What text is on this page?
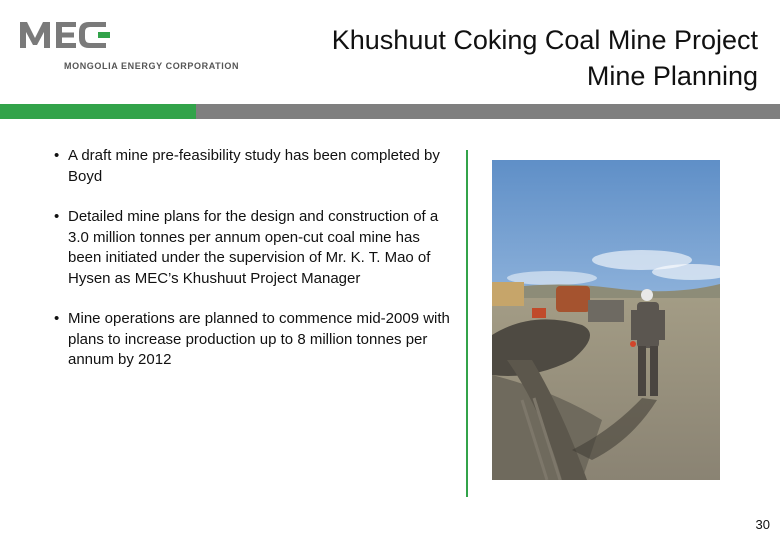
MONGOLIA ENERGY CORPORATION
Khushuut Coking Coal Mine Project
Mine Planning
• A draft mine pre-feasibility study has been completed by Boyd
• Detailed mine plans for the design and construction of a 3.0 million tonnes per annum open-cut coal mine has been initiated under the supervision of Mr. K. T. Mao of Hysen as MEC’s Khushuut Project Manager
• Mine operations are planned to commence mid-2009 with plans to increase production up to 8 million tonnes per annum by 2012
30
